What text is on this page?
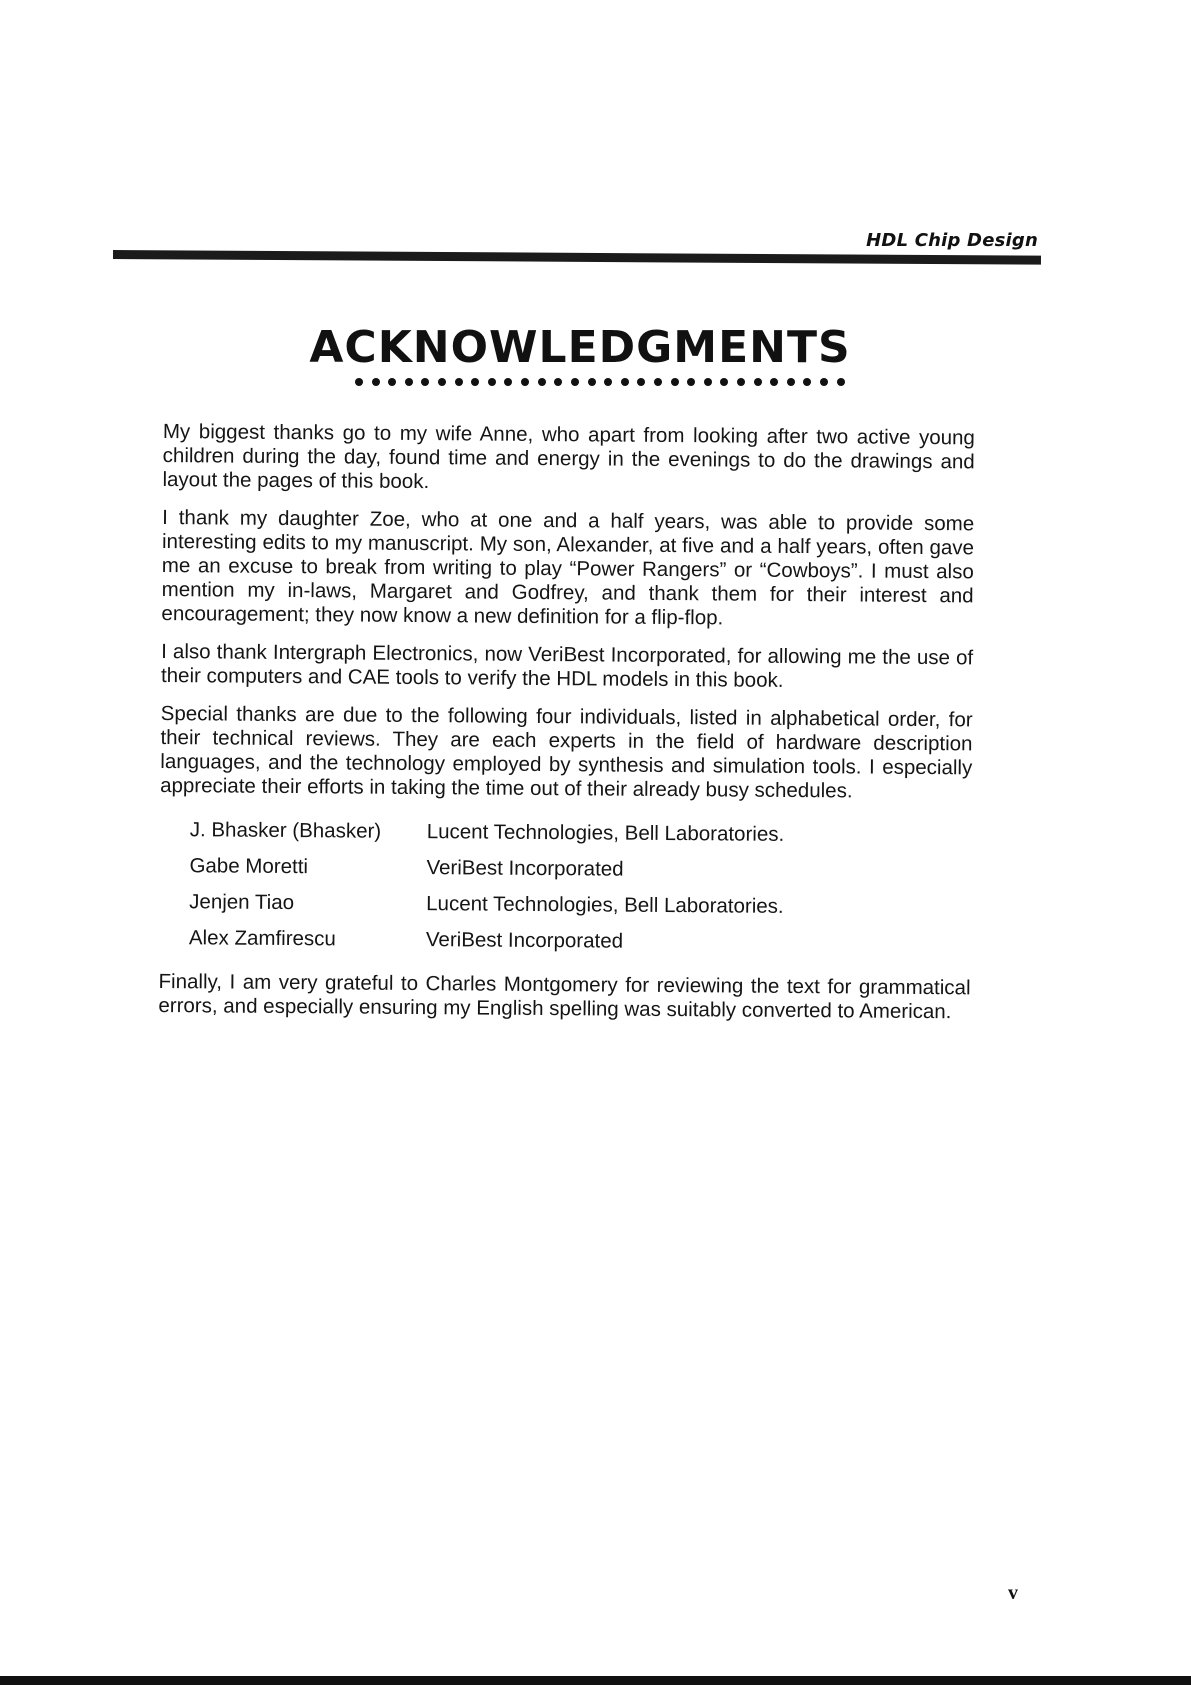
HDL Chip Design
ACKNOWLEDGMENTS

My biggest thanks go to my wife Anne, who apart from looking after two active young children during the day, found time and energy in the evenings to do the drawings and layout the pages of this book.

I thank my daughter Zoe, who at one and a half years, was able to provide some interesting edits to my manuscript. My son, Alexander, at five and a half years, often gave me an excuse to break from writing to play “Power Rangers” or “Cowboys”. I must also mention my in-laws, Margaret and Godfrey, and thank them for their interest and encouragement; they now know a new definition for a flip-flop.

I also thank Intergraph Electronics, now VeriBest Incorporated, for allowing me the use of their computers and CAE tools to verify the HDL models in this book.

Special thanks are due to the following four individuals, listed in alphabetical order, for their technical reviews. They are each experts in the field of hardware description languages, and the technology employed by synthesis and simulation tools. I especially appreciate their efforts in taking the time out of their already busy schedules.

J. Bhasker (Bhasker)	Lucent Technologies, Bell Laboratories.
Gabe Moretti	VeriBest Incorporated
Jenjen Tiao	Lucent Technologies, Bell Laboratories.
Alex Zamfirescu	VeriBest Incorporated

Finally, I am very grateful to Charles Montgomery for reviewing the text for grammatical errors, and especially ensuring my English spelling was suitably converted to American.

v
